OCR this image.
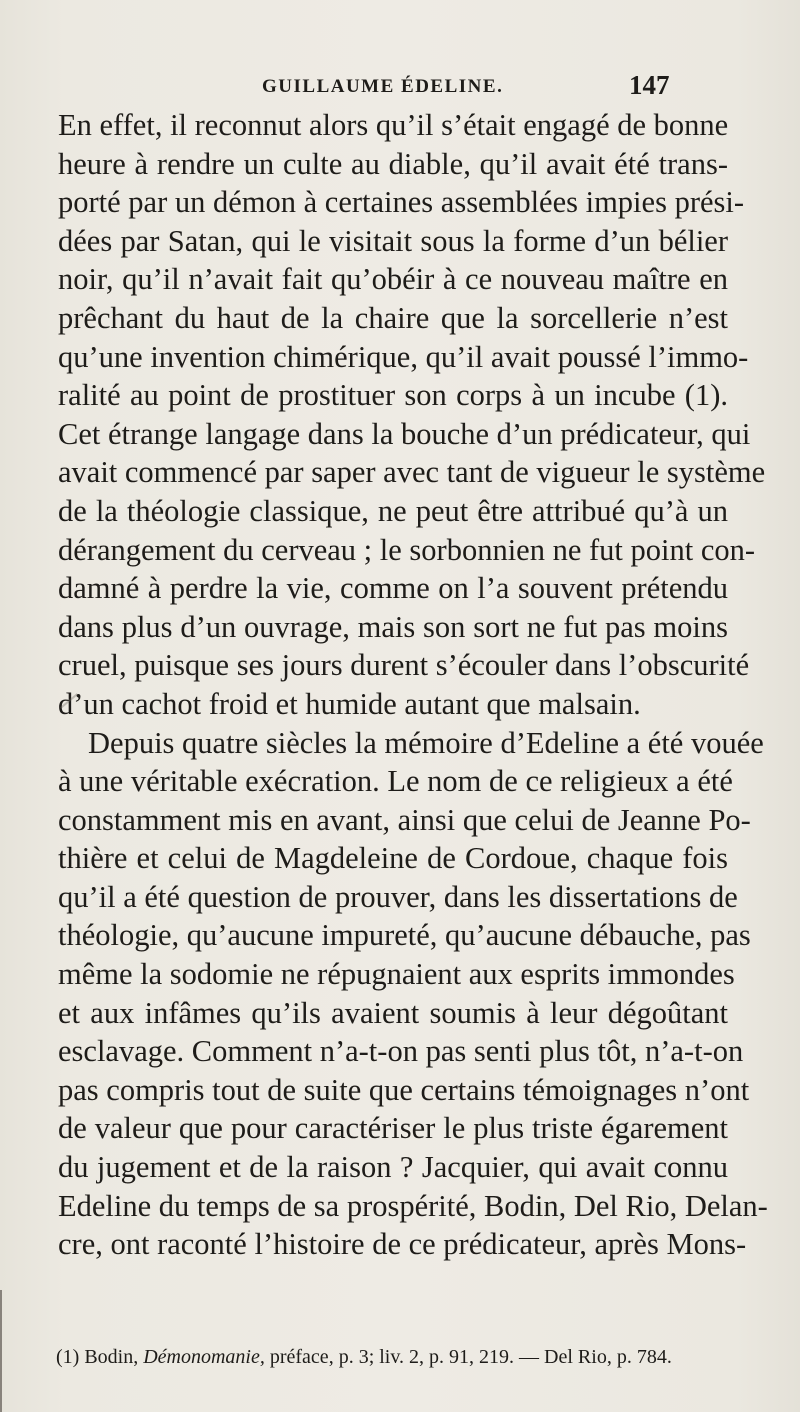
GUILLAUME ÉDELINE.	147
En effet, il reconnut alors qu’il s’était engagé de bonne
heure à rendre un culte au diable, qu’il avait été trans-
porté par un démon à certaines assemblées impies prési-
dées par Satan, qui le visitait sous la forme d’un bélier
noir, qu’il n’avait fait qu’obéir à ce nouveau maître en
prêchant du haut de la chaire que la sorcellerie n’est
qu’une invention chimérique, qu’il avait poussé l’immo-
ralité au point de prostituer son corps à un incube (1).
Cet étrange langage dans la bouche d’un prédicateur, qui
avait commencé par saper avec tant de vigueur le système
de la théologie classique, ne peut être attribué qu’à un
dérangement du cerveau ; le sorbonnien ne fut point con-
damné à perdre la vie, comme on l’a souvent prétendu
dans plus d’un ouvrage, mais son sort ne fut pas moins
cruel, puisque ses jours durent s’écouler dans l’obscurité
d’un cachot froid et humide autant que malsain.
Depuis quatre siècles la mémoire d’Edeline a été vouée
à une véritable exécration. Le nom de ce religieux a été
constamment mis en avant, ainsi que celui de Jeanne Po-
thière et celui de Magdeleine de Cordoue, chaque fois
qu’il a été question de prouver, dans les dissertations de
théologie, qu’aucune impureté, qu’aucune débauche, pas
même la sodomie ne répugnaient aux esprits immondes
et aux infâmes qu’ils avaient soumis à leur dégoûtant
esclavage. Comment n’a-t-on pas senti plus tôt, n’a-t-on
pas compris tout de suite que certains témoignages n’ont
de valeur que pour caractériser le plus triste égarement
du jugement et de la raison ? Jacquier, qui avait connu
Edeline du temps de sa prospérité, Bodin, Del Rio, Delan-
cre, ont raconté l’histoire de ce prédicateur, après Mons-
(1) Bodin, Démonomanie, préface, p. 3; liv. 2, p. 91, 219. — Del Rio, p. 784.
